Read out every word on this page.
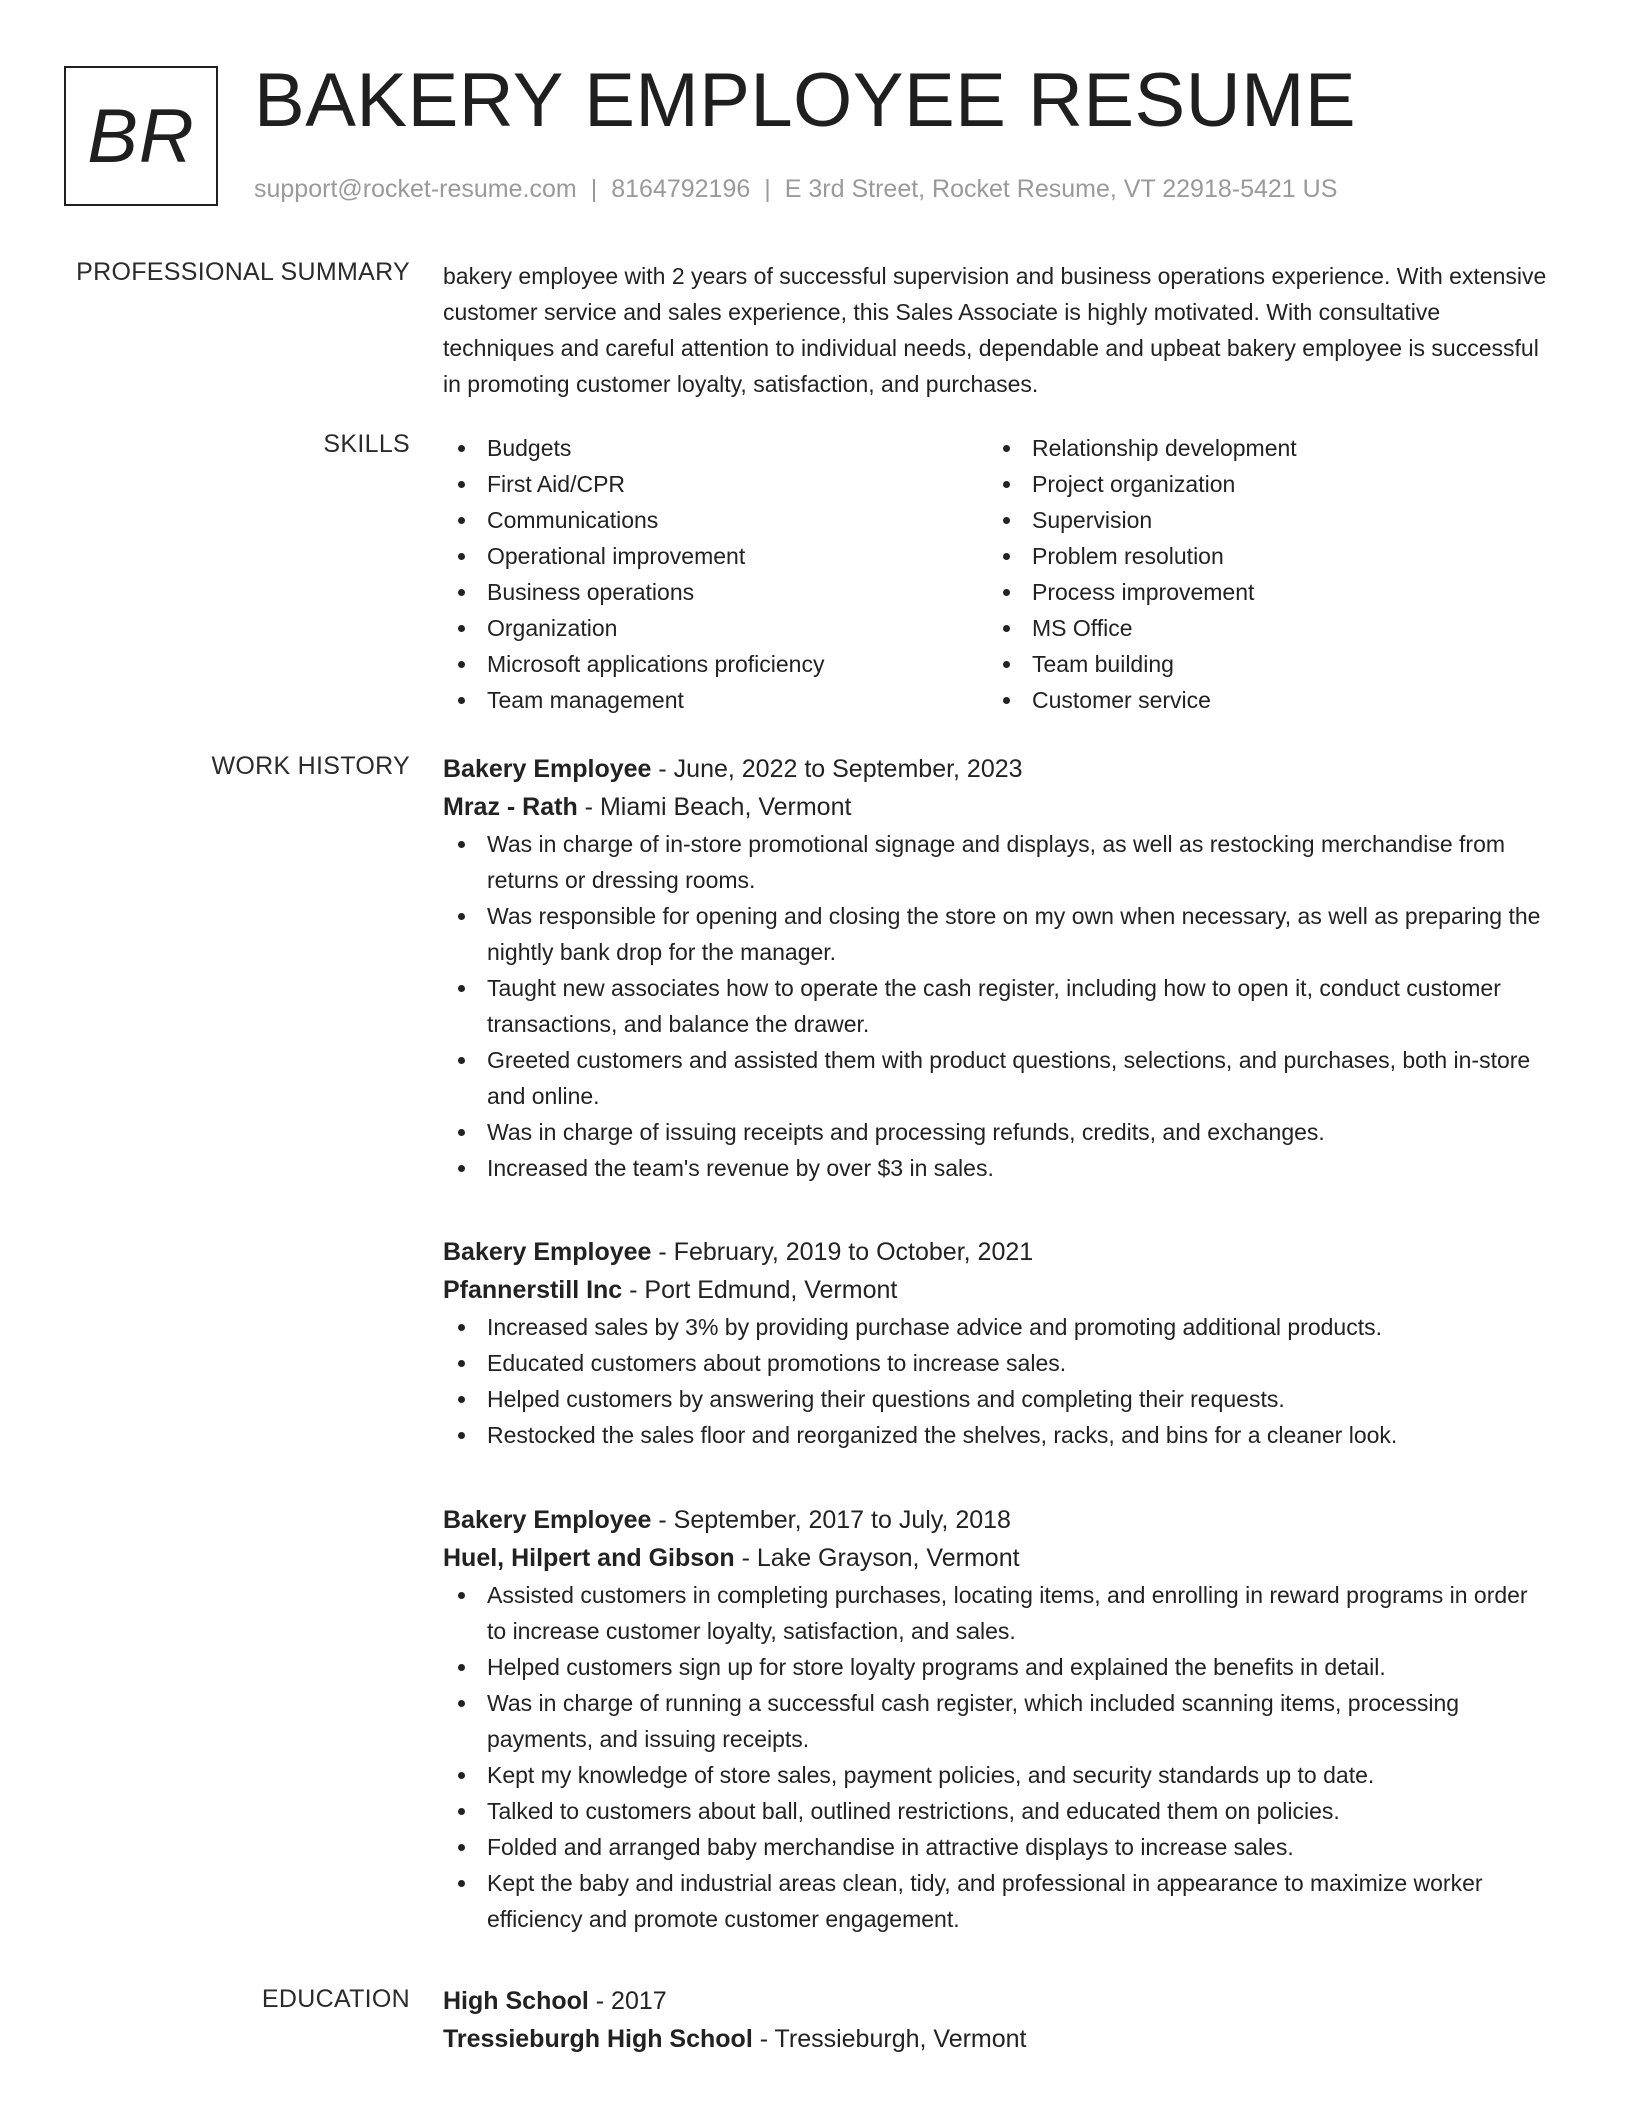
BR BAKERY EMPLOYEE RESUME
support@rocket-resume.com | 8164792196 | E 3rd Street, Rocket Resume, VT 22918-5421 US
PROFESSIONAL SUMMARY bakery employee with 2 years of successful supervision and business operations experience. With extensive customer service and sales experience, this Sales Associate is highly motivated. With consultative techniques and careful attention to individual needs, dependable and upbeat bakery employee is successful in promoting customer loyalty, satisfaction, and purchases.

SKILLS	Budgets
First Aid/CPR
Communications
Operational improvement
Business operations
Organization
Microsoft applications proficiency
Team management
Relationship development
Project organization
Supervision
Problem resolution
Process improvement
MS Office
Team building
Customer service
WORK HISTORY Bakery Employee - June, 2022 to September, 2023
Mraz - Rath - Miami Beach, Vermont
Was in charge of in-store promotional signage and displays, as well as restocking merchandise from returns or dressing rooms.
Was responsible for opening and closing the store on my own when necessary, as well as preparing the nightly bank drop for the manager.
Taught new associates how to operate the cash register, including how to open it, conduct customer transactions, and balance the drawer.
Greeted customers and assisted them with product questions, selections, and purchases, both in-store and online.
Was in charge of issuing receipts and processing refunds, credits, and exchanges.
Increased the team's revenue by over $3 in sales.
Bakery Employee - February, 2019 to October, 2021
Pfannerstill Inc - Port Edmund, Vermont
Increased sales by 3% by providing purchase advice and promoting additional products.
Educated customers about promotions to increase sales.
Helped customers by answering their questions and completing their requests.
Restocked the sales floor and reorganized the shelves, racks, and bins for a cleaner look.
Bakery Employee - September, 2017 to July, 2018
Huel, Hilpert and Gibson - Lake Grayson, Vermont
Assisted customers in completing purchases, locating items, and enrolling in reward programs in order to increase customer loyalty, satisfaction, and sales.
Helped customers sign up for store loyalty programs and explained the benefits in detail.
Was in charge of running a successful cash register, which included scanning items, processing payments, and issuing receipts.
Kept my knowledge of store sales, payment policies, and security standards up to date.
Talked to customers about ball, outlined restrictions, and educated them on policies.
Folded and arranged baby merchandise in attractive displays to increase sales.
Kept the baby and industrial areas clean, tidy, and professional in appearance to maximize worker efficiency and promote customer engagement.
EDUCATION High School - 2017
Tressieburgh High School - Tressieburgh, Vermont
